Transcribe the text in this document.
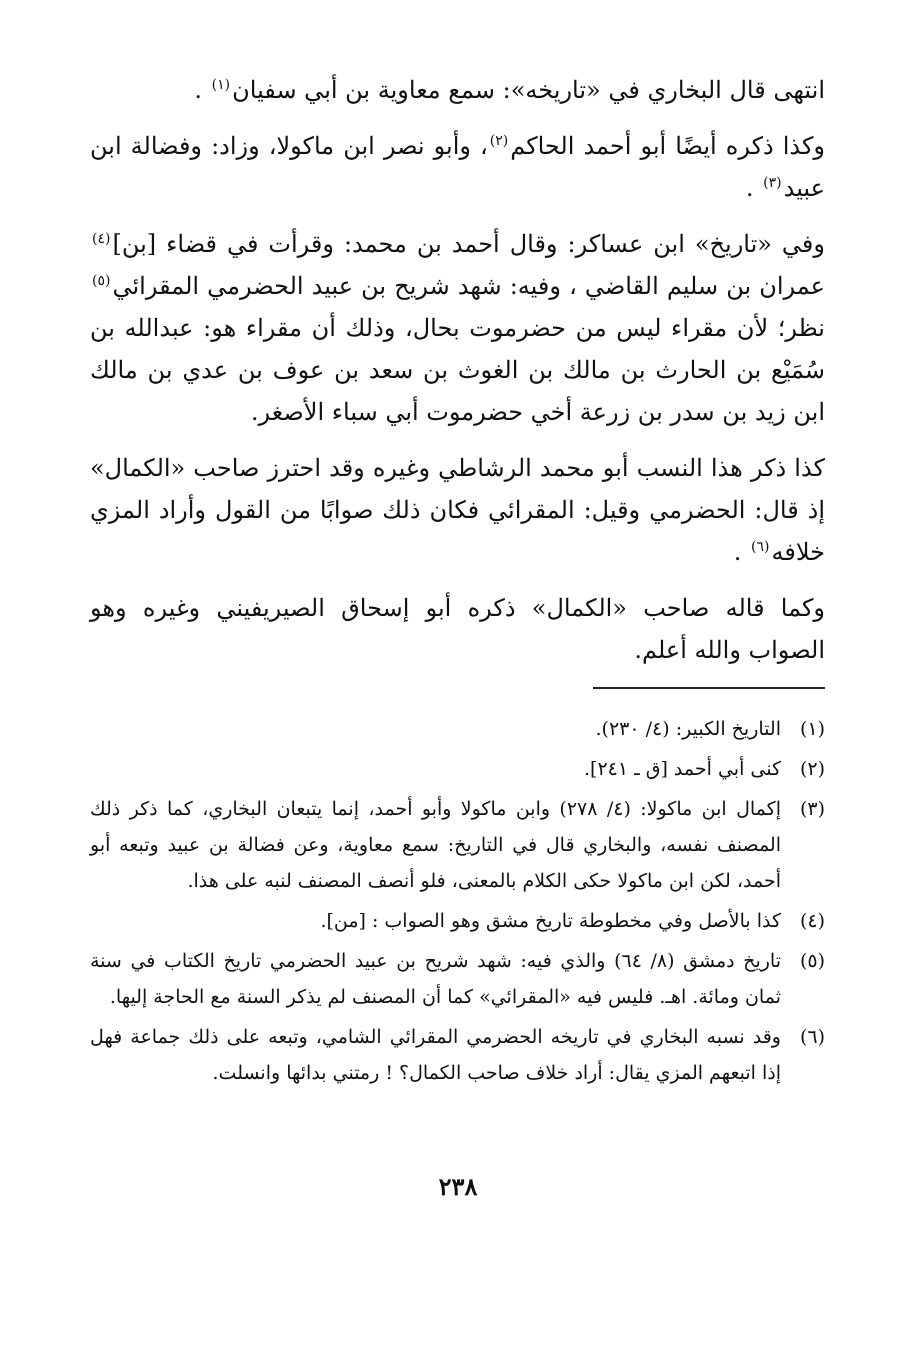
انتهى قال البخاري في «تاريخه»: سمع معاوية بن أبي سفيان$^{(١)}$ .

وكذا ذكره أيضًا أبو أحمد الحاكم$^{(٢)}$، وأبو نصر ابن ماكولا، وزاد: وفضالة ابن عبيد$^{(٣)}$ .

وفي «تاريخ» ابن عساكر: وقال أحمد بن محمد: وقرأت في قضاء [بن]$^{(٤)}$ عمران بن سليم القاضي ، وفيه: شهد شريح بن عبيد الحضرمي المقرائي$^{(٥)}$ نظر؛ لأن مقراء ليس من حضرموت بحال، وذلك أن مقراء هو: عبدالله بن سُمَيْع بن الحارث بن مالك بن الغوث بن سعد بن عوف بن عدي بن مالك ابن زيد بن سدر بن زرعة أخي حضرموت أبي سباء الأصغر.

كذا ذكر هذا النسب أبو محمد الرشاطي وغيره وقد احترز صاحب «الكمال» إذ قال: الحضرمي وقيل: المقرائي فكان ذلك صوابًا من القول وأراد المزي خلافه$^{(٦)}$ .

وكما قاله صاحب «الكمال» ذكره أبو إسحاق الصيريفيني وغيره وهو الصواب والله أعلم.

(١)
التاريخ الكبير: (٤/ ٢٣٠).
(٢)
كنى أبي أحمد [ق ـ ٢٤١].
(٣)
إكمال ابن ماكولا: (٤/ ٢٧٨) وابن ماكولا وأبو أحمد، إنما يتبعان البخاري، كما ذكر ذلك المصنف نفسه، والبخاري قال في التاريخ: سمع معاوية، وعن فضالة بن عبيد وتبعه أبو أحمد، لكن ابن ماكولا حكى الكلام بالمعنى، فلو أنصف المصنف لنبه على هذا.
(٤)
كذا بالأصل وفي مخطوطة تاريخ مشق وهو الصواب : [من].
(٥)
تاريخ دمشق (٨/ ٦٤) والذي فيه: شهد شريح بن عبيد الحضرمي تاريخ الكتاب في سنة ثمان ومائة. اهـ. فليس فيه «المقرائي» كما أن المصنف لم يذكر السنة مع الحاجة إليها.
(٦)
وقد نسبه البخاري في تاريخه الحضرمي المقرائي الشامي، وتبعه على ذلك جماعة فهل إذا اتبعهم المزي يقال: أراد خلاف صاحب الكمال؟ ! رمتني بدائها وانسلت.
٢٣٨
